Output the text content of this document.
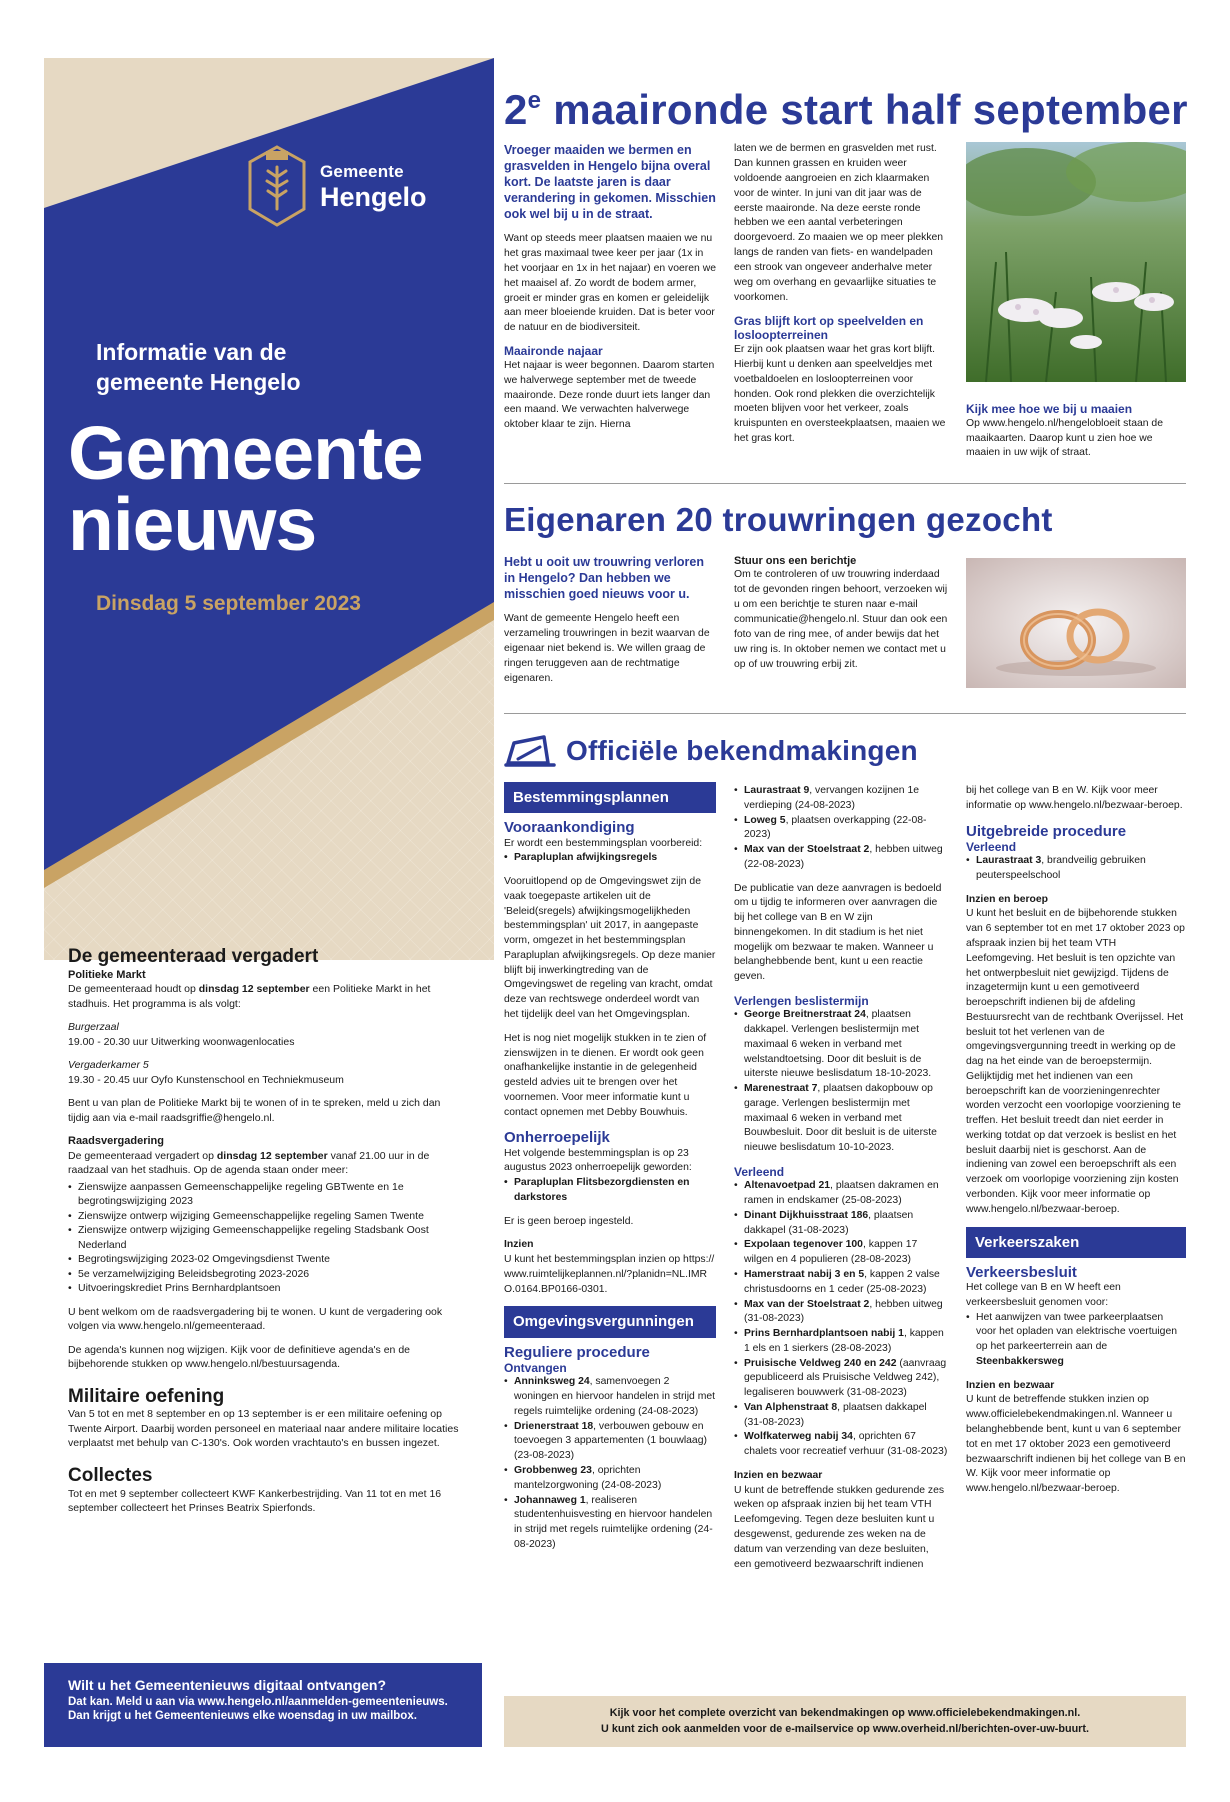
Gemeente
Hengelo
Informatie van de
gemeente Hengelo
Gemeente
nieuws
Dinsdag 5 september 2023
De gemeenteraad vergadert
Politieke Markt

De gemeenteraad houdt op dinsdag 12 september een Politieke Markt in het stadhuis. Het programma is als volgt:

Burgerzaal
19.00 - 20.30 uur Uitwerking woonwagenlocaties

Vergaderkamer 5
19.30 - 20.45 uur Oyfo Kunstenschool en Techniekmuseum

Bent u van plan de Politieke Markt bij te wonen of in te spreken, meld u zich dan tijdig aan via e-mail raadsgriffie@hengelo.nl.

Raadsvergadering

De gemeenteraad vergadert op dinsdag 12 september vanaf 21.00 uur in de raadzaal van het stadhuis. Op de agenda staan onder meer:

• Zienswijze aanpassen Gemeenschappelijke regeling GBTwente en 1e begrotingswijziging 2023
• Zienswijze ontwerp wijziging Gemeenschappelijke regeling Samen Twente
• Zienswijze ontwerp wijziging Gemeenschappelijke regeling Stadsbank Oost Nederland
• Begrotingswijziging 2023-02 Omgevingsdienst Twente
• 5e verzamelwijziging Beleidsbegroting 2023-2026
• Uitvoeringskrediet Prins Bernhardplantsoen

U bent welkom om de raadsvergadering bij te wonen. U kunt de vergadering ook volgen via www.hengelo.nl/gemeenteraad.

De agenda's kunnen nog wijzigen. Kijk voor de definitieve agenda's en de bijbehorende stukken op www.hengelo.nl/bestuursagenda.

Militaire oefening

Van 5 tot en met 8 september en op 13 september is er een militaire oefening op Twente Airport. Daarbij worden personeel en materiaal naar andere militaire locaties verplaatst met behulp van C-130's. Ook worden vrachtauto's en bussen ingezet.

Collectes

Tot en met 9 september collecteert KWF Kankerbestrijding. Van 11 tot en met 16 september collecteert het Prinses Beatrix Spierfonds.

Wilt u het Gemeentenieuws digitaal ontvangen?
Dat kan. Meld u aan via www.hengelo.nl/aanmelden-gemeentenieuws.
Dan krijgt u het Gemeentenieuws elke woensdag in uw mailbox.
2e maaironde start half september
Vroeger maaiden we bermen en grasvelden in Hengelo bijna overal kort. De laatste jaren is daar verandering in gekomen. Misschien ook wel bij u in de straat.
Want op steeds meer plaatsen maaien we nu het gras maximaal twee keer per jaar (1x in het voorjaar en 1x in het najaar) en voeren we het maaisel af. Zo wordt de bodem armer, groeit er minder gras en komen er geleidelijk aan meer bloeiende kruiden. Dat is beter voor de natuur en de biodiversiteit.
Maaironde najaar
Het najaar is weer begonnen. Daarom starten we halverwege september met de tweede maaironde. Deze ronde duurt iets langer dan een maand. We verwachten halverwege oktober klaar te zijn. Hierna
laten we de bermen en grasvelden met rust. Dan kunnen grassen en kruiden weer voldoende aangroeien en zich klaarmaken voor de winter. In juni van dit jaar was de eerste maaironde. Na deze eerste ronde hebben we een aantal verbeteringen doorgevoerd. Zo maaien we op meer plekken langs de randen van fiets- en wandelpaden een strook van ongeveer anderhalve meter weg om overhang en gevaarlijke situaties te voorkomen.
Gras blijft kort op speelvelden en losloopterreinen
Er zijn ook plaatsen waar het gras kort blijft. Hierbij kunt u denken aan speelveldjes met voetbaldoelen en losloopterreinen voor honden. Ook rond plekken die overzichtelijk moeten blijven voor het verkeer, zoals kruispunten en oversteekplaatsen, maaien we het gras kort.
Kijk mee hoe we bij u maaien
Op www.hengelo.nl/hengelobloeit staan de maaikaarten. Daarop kunt u zien hoe we maaien in uw wijk of straat.
Eigenaren 20 trouwringen gezocht
Hebt u ooit uw trouwring verloren in Hengelo? Dan hebben we misschien goed nieuws voor u.
Want de gemeente Hengelo heeft een verzameling trouwringen in bezit waarvan de eigenaar niet bekend is. We willen graag de ringen teruggeven aan de rechtmatige eigenaren.
Stuur ons een berichtje
Om te controleren of uw trouwring inderdaad tot de gevonden ringen behoort, verzoeken wij u om een berichtje te sturen naar e-mail communicatie@hengelo.nl. Stuur dan ook een foto van de ring mee, of ander bewijs dat het uw ring is. In oktober nemen we contact met u op of uw trouwring erbij zit.
Officiële bekendmakingen
Bestemmingsplannen
Vooraankondiging

Er wordt een bestemmingsplan voorbereid:

• Parapluplan afwijkingsregels

Vooruitlopend op de Omgevingswet zijn de vaak toegepaste artikelen uit de 'Beleid(sregels) afwijkingsmogelijkheden bestemmingsplan' uit 2017, in aangepaste vorm, omgezet in het bestemmingsplan Parapluplan afwijkingsregels. Op deze manier blijft bij inwerkingtreding van de Omgevingswet de regeling van kracht, omdat deze van rechtswege onderdeel wordt van het tijdelijk deel van het Omgevingsplan.

Het is nog niet mogelijk stukken in te zien of zienswijzen in te dienen. Er wordt ook geen onafhankelijke instantie in de gelegenheid gesteld advies uit te brengen over het voornemen. Voor meer informatie kunt u contact opnemen met Debby Bouwhuis.

Onherroepelijk

Het volgende bestemmingsplan is op 23 augustus 2023 onherroepelijk geworden:

• Parapluplan Flitsbezorgdiensten en darkstores

Er is geen beroep ingesteld.

Inzien

U kunt het bestemmingsplan inzien op https://www.ruimtelijkeplannen.nl/?planidn=NL.IMRO.0164.BP0166-0301.

Omgevingsvergunningen
Reguliere procedure
Ontvangen
• Anninksweg 24, samenvoegen 2 woningen en hiervoor handelen in strijd met regels ruimtelijke ordening (24-08-2023)
• Drienerstraat 18, verbouwen gebouw en toevoegen 3 appartementen (1 bouwlaag) (23-08-2023)
• Grobbenweg 23, oprichten mantelzorgwoning (24-08-2023)
• Johannaweg 1, realiseren studentenhuisvesting en hiervoor handelen in strijd met regels ruimtelijke ordening (24-08-2023)
• Laurastraat 9, vervangen kozijnen 1e verdieping (24-08-2023)
• Loweg 5, plaatsen overkapping (22-08-2023)
• Max van der Stoelstraat 2, hebben uitweg (22-08-2023)

De publicatie van deze aanvragen is bedoeld om u tijdig te informeren over aanvragen die bij het college van B en W zijn binnengekomen. In dit stadium is het niet mogelijk om bezwaar te maken. Wanneer u belanghebbende bent, kunt u een reactie geven.

Verlengen beslistermijn
• George Breitnerstraat 24, plaatsen dakkapel. Verlengen beslistermijn met maximaal 6 weken in verband met welstandtoetsing. Door dit besluit is de uiterste nieuwe beslisdatum 18-10-2023.
• Marenestraat 7, plaatsen dakopbouw op garage. Verlengen beslistermijn met maximaal 6 weken in verband met Bouwbesluit. Door dit besluit is de uiterste nieuwe beslisdatum 10-10-2023.
Verleend
• Altenavoetpad 21, plaatsen dakramen en ramen in endskamer (25-08-2023)
• Dinant Dijkhuisstraat 186, plaatsen dakkapel (31-08-2023)
• Expolaan tegenover 100, kappen 17 wilgen en 4 populieren (28-08-2023)
• Hamerstraat nabij 3 en 5, kappen 2 valse christusdoorns en 1 ceder (25-08-2023)
• Max van der Stoelstraat 2, hebben uitweg (31-08-2023)
• Prins Bernhardplantsoen nabij 1, kappen 1 els en 1 sierkers (28-08-2023)
• Pruisische Veldweg 240 en 242 (aanvraag gepubliceerd als Pruisische Veldweg 242), legaliseren bouwwerk (31-08-2023)
• Van Alphenstraat 8, plaatsen dakkapel (31-08-2023)
• Wolfkaterweg nabij 34, oprichten 67 chalets voor recreatief verhuur (31-08-2023)
Inzien en bezwaar

U kunt de betreffende stukken gedurende zes weken op afspraak inzien bij het team VTH Leefomgeving. Tegen deze besluiten kunt u desgewenst, gedurende zes weken na de datum van verzending van deze besluiten, een gemotiveerd bezwaarschrift indienen

bij het college van B en W. Kijk voor meer informatie op www.hengelo.nl/bezwaar-beroep.

Uitgebreide procedure
Verleend
• Laurastraat 3, brandveilig gebruiken peuterspeelschool
Inzien en beroep

U kunt het besluit en de bijbehorende stukken van 6 september tot en met 17 oktober 2023 op afspraak inzien bij het team VTH Leefomgeving. Het besluit is ten opzichte van het ontwerpbesluit niet gewijzigd. Tijdens de inzagetermijn kunt u een gemotiveerd beroepschrift indienen bij de afdeling Bestuursrecht van de rechtbank Overijssel. Het besluit tot het verlenen van de omgevingsvergunning treedt in werking op de dag na het einde van de beroepstermijn. Gelijktijdig met het indienen van een beroepschrift kan de voorzieningenrechter worden verzocht een voorlopige voorziening te treffen. Het besluit treedt dan niet eerder in werking totdat op dat verzoek is beslist en het besluit daarbij niet is geschorst. Aan de indiening van zowel een beroepschrift als een verzoek om voorlopige voorziening zijn kosten verbonden. Kijk voor meer informatie op www.hengelo.nl/bezwaar-beroep.

Verkeerszaken
Verkeersbesluit

Het college van B en W heeft een verkeersbesluit genomen voor:

• Het aanwijzen van twee parkeerplaatsen voor het opladen van elektrische voertuigen op het parkeerterrein aan de Steenbakkersweg
Inzien en bezwaar

U kunt de betreffende stukken inzien op www.officielebekendmakingen.nl. Wanneer u belanghebbende bent, kunt u van 6 september tot en met 17 oktober 2023 een gemotiveerd bezwaarschrift indienen bij het college van B en W. Kijk voor meer informatie op www.hengelo.nl/bezwaar-beroep.

Kijk voor het complete overzicht van bekendmakingen op www.officielebekendmakingen.nl.
U kunt zich ook aanmelden voor de e-mailservice op www.overheid.nl/berichten-over-uw-buurt.
